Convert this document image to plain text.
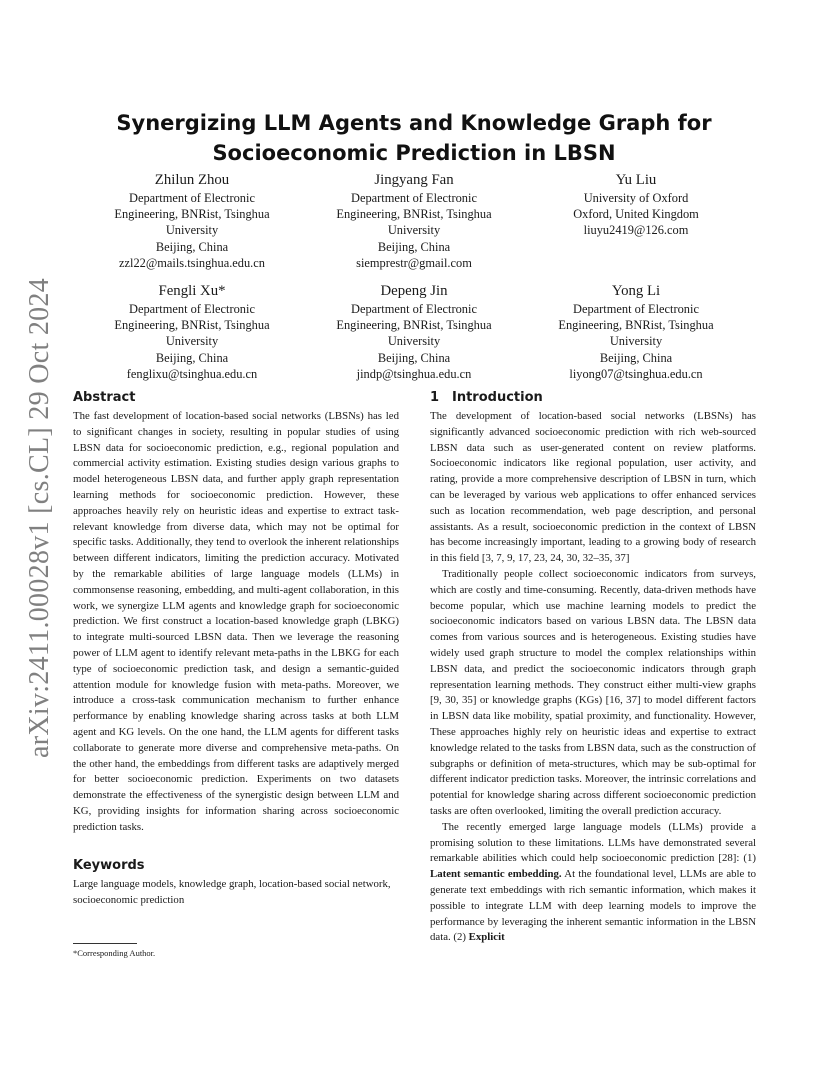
arXiv:2411.00028v1 [cs.CL] 29 Oct 2024
Synergizing LLM Agents and Knowledge Graph for
Socioeconomic Prediction in LBSN
Zhilun Zhou
Department of Electronic
Engineering, BNRist, Tsinghua
University
Beijing, China
zzl22@mails.tsinghua.edu.cn
Jingyang Fan
Department of Electronic
Engineering, BNRist, Tsinghua
University
Beijing, China
siemprestr@gmail.com
Yu Liu
University of Oxford
Oxford, United Kingdom
liuyu2419@126.com
Fengli Xu*
Department of Electronic
Engineering, BNRist, Tsinghua
University
Beijing, China
fenglixu@tsinghua.edu.cn
Depeng Jin
Department of Electronic
Engineering, BNRist, Tsinghua
University
Beijing, China
jindp@tsinghua.edu.cn
Yong Li
Department of Electronic
Engineering, BNRist, Tsinghua
University
Beijing, China
liyong07@tsinghua.edu.cn
Abstract

The fast development of location-based social networks (LBSNs) has led to significant changes in society, resulting in popular studies of using LBSN data for socioeconomic prediction, e.g., regional population and commercial activity estimation. Existing studies design various graphs to model heterogeneous LBSN data, and further apply graph representation learning methods for socioeconomic prediction. However, these approaches heavily rely on heuristic ideas and expertise to extract task-relevant knowledge from diverse data, which may not be optimal for specific tasks. Additionally, they tend to overlook the inherent relationships between different indicators, limiting the prediction accuracy. Motivated by the remarkable abilities of large language models (LLMs) in commonsense reasoning, embedding, and multi-agent collaboration, in this work, we synergize LLM agents and knowledge graph for socioeconomic prediction. We first construct a location-based knowledge graph (LBKG) to integrate multi-sourced LBSN data. Then we leverage the reasoning power of LLM agent to identify relevant meta-paths in the LBKG for each type of socioeconomic prediction task, and design a semantic-guided attention module for knowledge fusion with meta-paths. Moreover, we introduce a cross-task communication mechanism to further enhance performance by enabling knowledge sharing across tasks at both LLM agent and KG levels. On the one hand, the LLM agents for different tasks collaborate to generate more diverse and comprehensive meta-paths. On the other hand, the embeddings from different tasks are adaptively merged for better socioeconomic prediction. Experiments on two datasets demonstrate the effectiveness of the synergistic design between LLM and KG, providing insights for information sharing across socioeconomic prediction tasks.

Keywords

Large language models, knowledge graph, location-based social network, socioeconomic prediction

*Corresponding Author.
1 Introduction

The development of location-based social networks (LBSNs) has significantly advanced socioeconomic prediction with rich web-sourced LBSN data such as user-generated content on review platforms. Socioeconomic indicators like regional population, user activity, and rating, provide a more comprehensive description of LBSN in turn, which can be leveraged by various web applications to offer enhanced services such as location recommendation, web page description, and personal assistants. As a result, socioeconomic prediction in the context of LBSN has become increasingly important, leading to a growing body of research in this field [3, 7, 9, 17, 23, 24, 30, 32–35, 37]

Traditionally people collect socioeconomic indicators from surveys, which are costly and time-consuming. Recently, data-driven methods have become popular, which use machine learning models to predict the socioeconomic indicators based on various LBSN data. The LBSN data comes from various sources and is heterogeneous. Existing studies have widely used graph structure to model the complex relationships within LBSN data, and predict the socioeconomic indicators through graph representation learning methods. They construct either multi-view graphs [9, 30, 35] or knowledge graphs (KGs) [16, 37] to model different factors in LBSN data like mobility, spatial proximity, and functionality. However, These approaches highly rely on heuristic ideas and expertise to extract knowledge related to the tasks from LBSN data, such as the construction of subgraphs or definition of meta-structures, which may be sub-optimal for different indicator prediction tasks. Moreover, the intrinsic correlations and potential for knowledge sharing across different socioeconomic prediction tasks are often overlooked, limiting the overall prediction accuracy.

The recently emerged large language models (LLMs) provide a promising solution to these limitations. LLMs have demonstrated several remarkable abilities which could help socioeconomic prediction [28]: (1) Latent semantic embedding. At the foundational level, LLMs are able to generate text embeddings with rich semantic information, which makes it possible to integrate LLM with deep learning models to improve the performance by leveraging the inherent semantic information in the LBSN data. (2) Explicit
